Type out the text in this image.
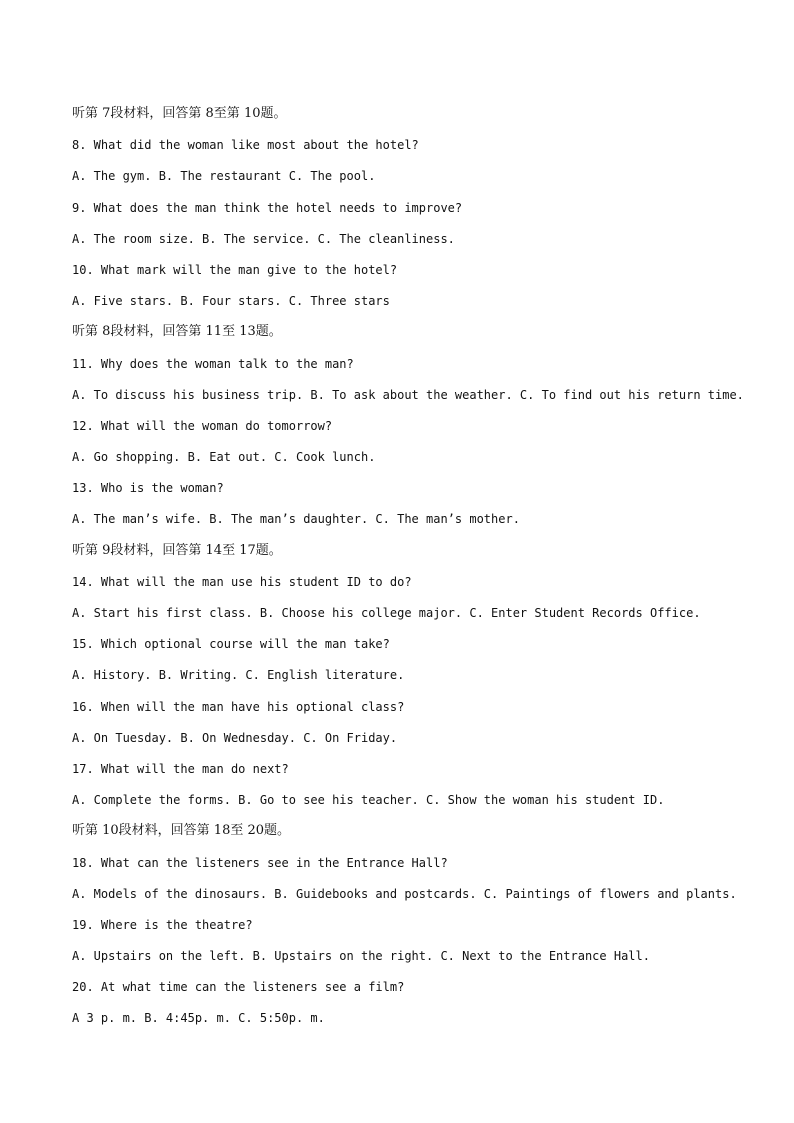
听第 7段材料，回答第 8至第 10题。
8. What did the woman like most about the hotel?
A. The gym. B. The restaurant C. The pool.
9. What does the man think the hotel needs to improve?
A. The room size. B. The service. C. The cleanliness.
10. What mark will the man give to the hotel?
A. Five stars. B. Four stars. C. Three stars
听第 8段材料，回答第 11至 13题。
11. Why does the woman talk to the man?
A. To discuss his business trip. B. To ask about the weather. C. To find out his return time.
12. What will the woman do tomorrow?
A. Go shopping. B. Eat out. C. Cook lunch.
13. Who is the woman?
A. The man’s wife. B. The man’s daughter. C. The man’s mother.
听第 9段材料，回答第 14至 17题。
14. What will the man use his student ID to do?
A. Start his first class. B. Choose his college major. C. Enter Student Records Office.
15. Which optional course will the man take?
A. History. B. Writing. C. English literature.
16. When will the man have his optional class?
A. On Tuesday. B. On Wednesday. C. On Friday.
17. What will the man do next?
A. Complete the forms. B. Go to see his teacher. C. Show the woman his student ID.
听第 10段材料，回答第 18至 20题。
18. What can the listeners see in the Entrance Hall?
A. Models of the dinosaurs. B. Guidebooks and postcards. C. Paintings of flowers and plants.
19. Where is the theatre?
A. Upstairs on the left. B. Upstairs on the right. C. Next to the Entrance Hall.
20. At what time can the listeners see a film?
A 3 p. m. B. 4:45p. m. C. 5:50p. m.
